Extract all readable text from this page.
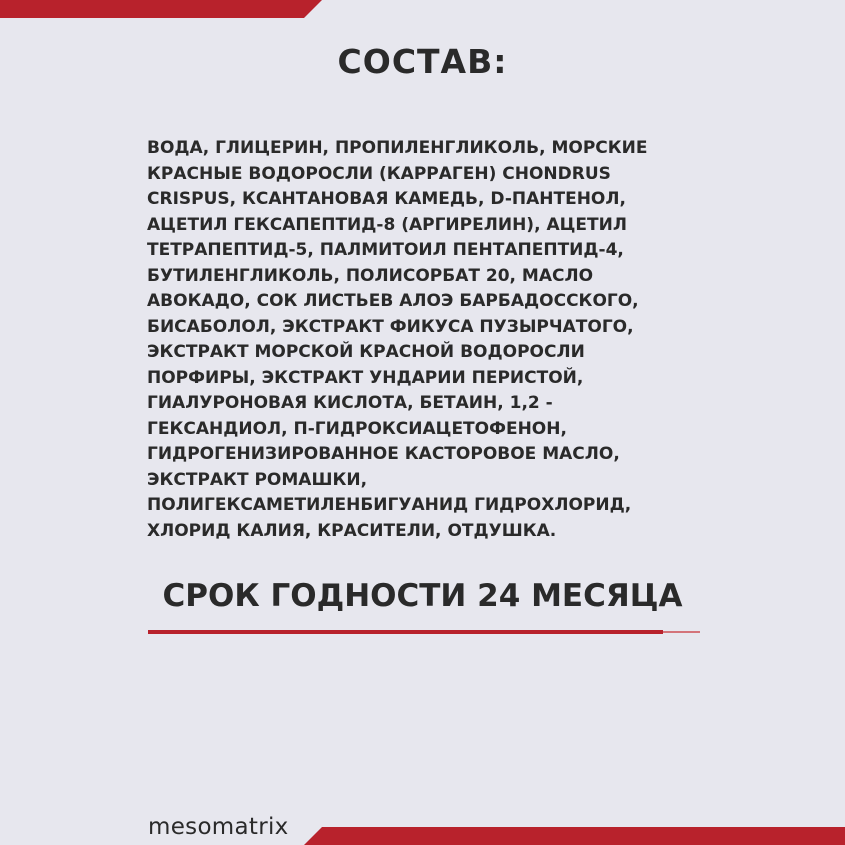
СОСТАВ:
ВОДА, ГЛИЦЕРИН, ПРОПИЛЕНГЛИКОЛЬ, МОРСКИЕ
КРАСНЫЕ ВОДОРОСЛИ (КАРРАГЕН) CHONDRUS
CRISPUS, КСАНТАНОВАЯ КАМЕДЬ, D-ПАНТЕНОЛ,
АЦЕТИЛ ГЕКСАПЕПТИД-8 (АРГИРЕЛИН), АЦЕТИЛ
ТЕТРАПЕПТИД-5, ПАЛМИТОИЛ ПЕНТАПЕПТИД-4,
БУТИЛЕНГЛИКОЛЬ, ПОЛИСОРБАТ 20, МАСЛО
АВОКАДО, СОК ЛИСТЬЕВ АЛОЭ БАРБАДОССКОГО,
БИСАБОЛОЛ, ЭКСТРАКТ ФИКУСА ПУЗЫРЧАТОГО,
ЭКСТРАКТ МОРСКОЙ КРАСНОЙ ВОДОРОСЛИ
ПОРФИРЫ, ЭКСТРАКТ УНДАРИИ ПЕРИСТОЙ,
ГИАЛУРОНОВАЯ КИСЛОТА, БЕТАИН, 1,2 -
ГЕКСАНДИОЛ, П-ГИДРОКСИАЦЕТОФЕНОН,
ГИДРОГЕНИЗИРОВАННОЕ КАСТОРОВОЕ МАСЛО,
ЭКСТРАКТ РОМАШКИ,
ПОЛИГЕКСАМЕТИЛЕНБИГУАНИД ГИДРОХЛОРИД,
ХЛОРИД КАЛИЯ, КРАСИТЕЛИ, ОТДУШКА.
СРОК ГОДНОСТИ 24 МЕСЯЦА
mesomatrix
